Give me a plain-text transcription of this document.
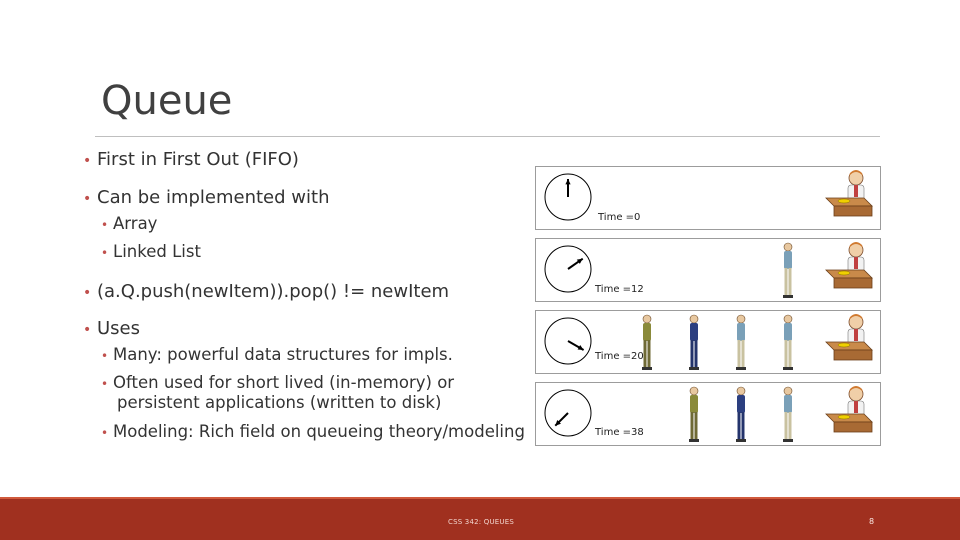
Queue
• First in First Out (FIFO)
• Can be implemented with
• Array
• Linked List
• (a.Q.push(newItem)).pop() != newItem
• Uses
• Many: powerful data structures for impls.
• Often used for short lived (in-memory) or
persistent applications (written to disk)
• Modeling: Rich field on queueing theory/modeling
Time =0
Time =12
Time =20
Time =38
CSS 342: QUEUES	8
